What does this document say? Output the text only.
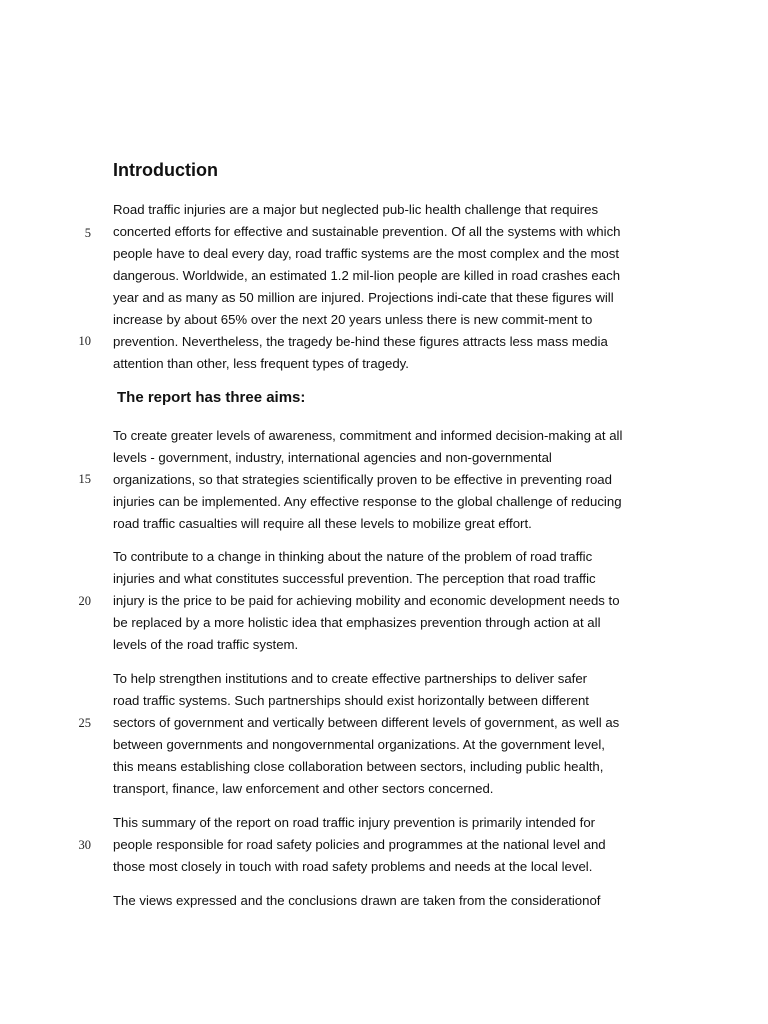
Introduction
The report has three aims:
Road traffic injuries are a major but neglected pub-lic health challenge that requires
concerted efforts for effective and sustainable prevention. Of all the systems with which
people have to deal every day, road traffic systems are the most complex and the most
dangerous. Worldwide, an estimated 1.2 mil-lion people are killed in road crashes each
year and as many as 50 million are injured. Projections indi-cate that these figures will
increase by about 65% over the next 20 years unless there is new commit-ment to
prevention. Nevertheless, the tragedy be-hind these figures attracts less mass media
attention than other, less frequent types of tragedy.
To create greater levels of awareness, commitment and informed decision-making at all
levels - government, industry, international agencies and non-governmental
organizations, so that strategies scientifically proven to be effective in preventing road
injuries can be implemented. Any effective response to the global challenge of reducing
road traffic casualties will require all these levels to mobilize great effort.
To contribute to a change in thinking about the nature of the problem of road traffic
injuries and what constitutes successful prevention. The perception that road traffic
injury is the price to be paid for achieving mobility and economic development needs to
be replaced by a more holistic idea that emphasizes prevention through action at all
levels of the road traffic system.
To help strengthen institutions and to create effective partnerships to deliver safer
road traffic systems. Such partnerships should exist horizontally between different
sectors of government and vertically between different levels of government, as well as
between governments and nongovernmental organizations. At the government level,
this means establishing close collaboration between sectors, including public health,
transport, finance, law enforcement and other sectors concerned.
This summary of the report on road traffic injury prevention is primarily intended for
people responsible for road safety policies and programmes at the national level and
those most closely in touch with road safety problems and needs at the local level.
The views expressed and the conclusions drawn are taken from the considerationof
5
10
15
20
25
30
